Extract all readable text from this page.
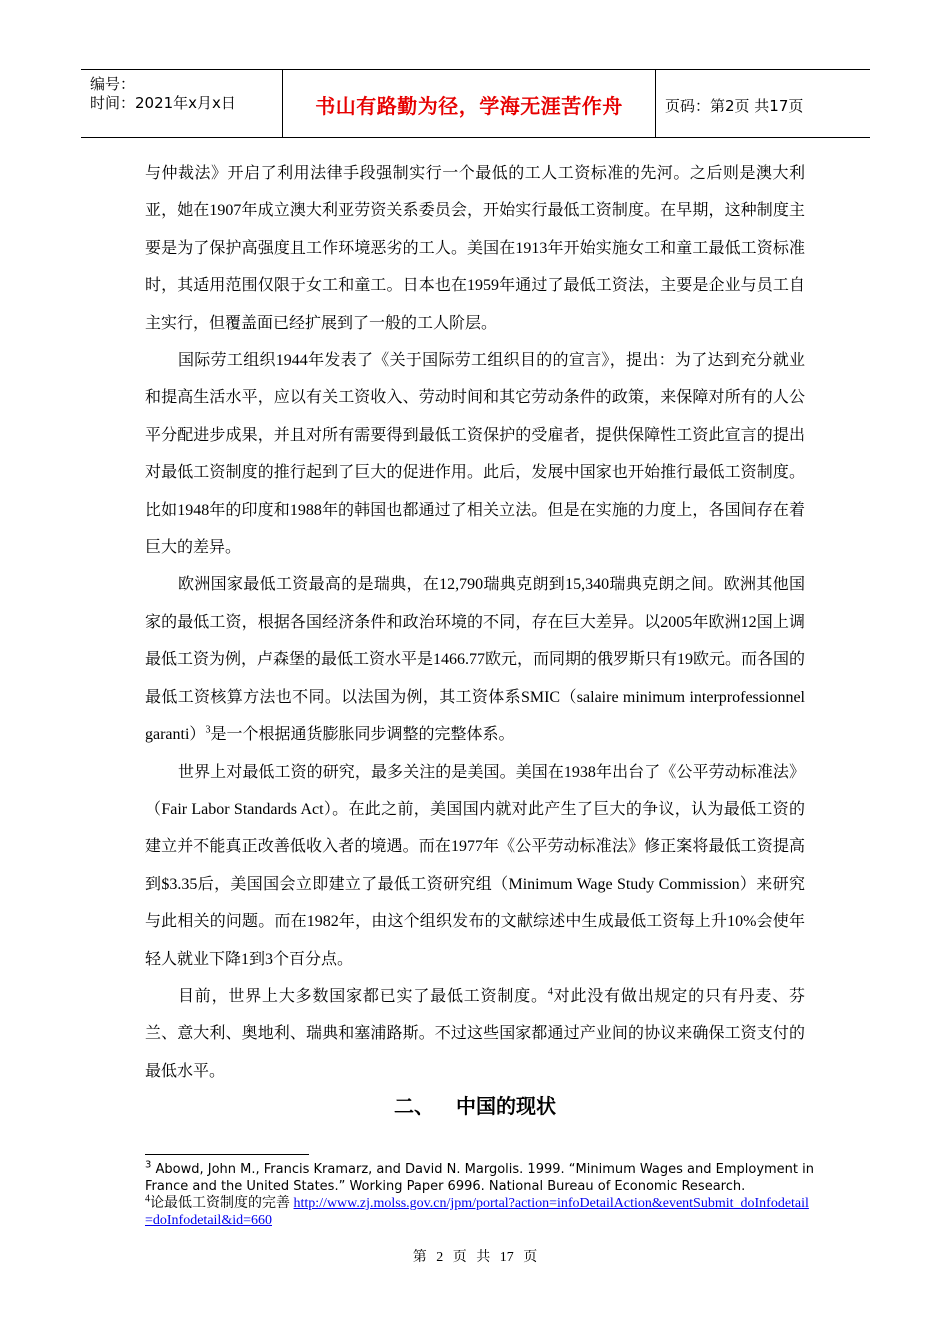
编号：
时间：2021年x月x日	书山有路勤为径，学海无涯苦作舟	页码：第2页 共17页

与仲裁法》开启了利用法律手段强制实行一个最低的工人工资标准的先河。之后则是澳大利亚，她在1907年成立澳大利亚劳资关系委员会，开始实行最低工资制度。在早期，这种制度主要是为了保护高强度且工作环境恶劣的工人。美国在1913年开始实施女工和童工最低工资标准时，其适用范围仅限于女工和童工。日本也在1959年通过了最低工资法，主要是企业与员工自主实行，但覆盖面已经扩展到了一般的工人阶层。

国际劳工组织1944年发表了《关于国际劳工组织目的的宣言》，提出：为了达到充分就业和提高生活水平，应以有关工资收入、劳动时间和其它劳动条件的政策，来保障对所有的人公平分配进步成果，并且对所有需要得到最低工资保护的受雇者，提供保障性工资此宣言的提出对最低工资制度的推行起到了巨大的促进作用。此后，发展中国家也开始推行最低工资制度。比如1948年的印度和1988年的韩国也都通过了相关立法。但是在实施的力度上，各国间存在着巨大的差异。

欧洲国家最低工资最高的是瑞典，在12,790瑞典克朗到15,340瑞典克朗之间。欧洲其他国家的最低工资，根据各国经济条件和政治环境的不同，存在巨大差异。以2005年欧洲12国上调最低工资为例，卢森堡的最低工资水平是1466.77欧元，而同期的俄罗斯只有19欧元。而各国的最低工资核算方法也不同。以法国为例，其工资体系SMIC（salaire minimum interprofessionnel garanti）$^3$是一个根据通货膨胀同步调整的完整体系。

世界上对最低工资的研究，最多关注的是美国。美国在1938年出台了《公平劳动标准法》（Fair Labor Standards Act）。在此之前，美国国内就对此产生了巨大的争议，认为最低工资的建立并不能真正改善低收入者的境遇。而在1977年《公平劳动标准法》修正案将最低工资提高到$3.35后，美国国会立即建立了最低工资研究组（Minimum Wage Study Commission）来研究与此相关的问题。而在1982年，由这个组织发布的文献综述中生成最低工资每上升10%会使年轻人就业下降1到3个百分点。

目前，世界上大多数国家都已实了最低工资制度。$^4$对此没有做出规定的只有丹麦、芬兰、意大利、奥地利、瑞典和塞浦路斯。不过这些国家都通过产业间的协议来确保工资支付的最低水平。

二、 中国的现状
$^3$ Abowd, John M., Francis Kramarz, and David N. Margolis. 1999. “Minimum Wages and Employment in France and the United States.” Working Paper 6996. National Bureau of Economic Research.
$^4$论最低工资制度的完善 http://www.zj.molss.gov.cn/jpm/portal?action=infoDetailAction&eventSubmit_doInfodetail=doInfodetail&id=660
第 2 页 共 17 页
